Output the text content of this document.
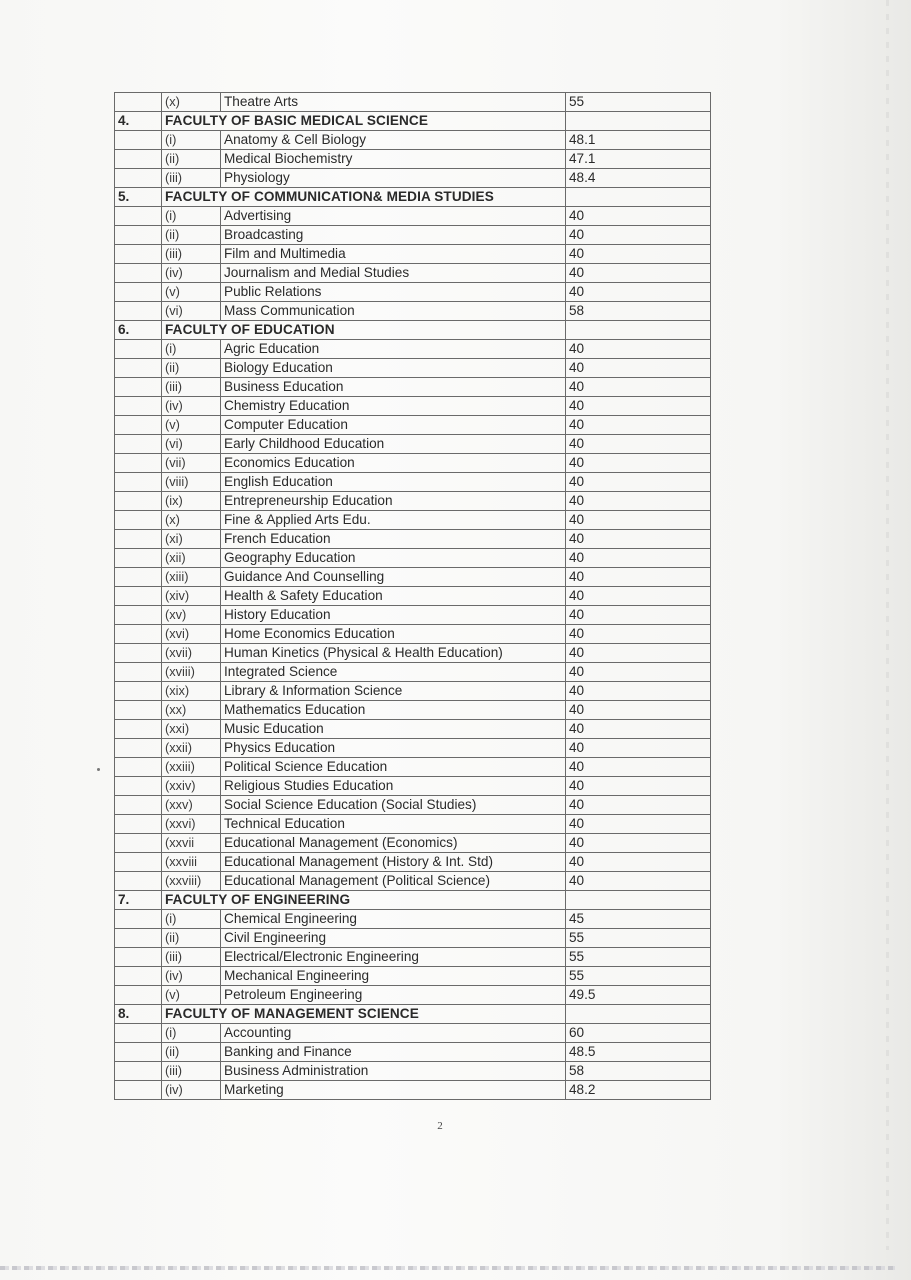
	(x)	Theatre Arts	55
4.	FACULTY OF BASIC MEDICAL SCIENCE		
	(i)	Anatomy & Cell Biology	48.1
	(ii)	Medical Biochemistry	47.1
	(iii)	Physiology	48.4
5.	FACULTY OF COMMUNICATION& MEDIA STUDIES		
	(i)	Advertising	40
	(ii)	Broadcasting	40
	(iii)	Film and Multimedia	40
	(iv)	Journalism and Medial Studies	40
	(v)	Public Relations	40
	(vi)	Mass Communication	58
6.	FACULTY OF EDUCATION		
	(i)	Agric Education	40
	(ii)	Biology Education	40
	(iii)	Business Education	40
	(iv)	Chemistry Education	40
	(v)	Computer Education	40
	(vi)	Early Childhood Education	40
	(vii)	Economics Education	40
	(viii)	English Education	40
	(ix)	Entrepreneurship Education	40
	(x)	Fine & Applied Arts Edu.	40
	(xi)	French Education	40
	(xii)	Geography Education	40
	(xiii)	Guidance And Counselling	40
	(xiv)	Health & Safety Education	40
	(xv)	History Education	40
	(xvi)	Home Economics Education	40
	(xvii)	Human Kinetics (Physical & Health Education)	40
	(xviii)	Integrated Science	40
	(xix)	Library & Information Science	40
	(xx)	Mathematics Education	40
	(xxi)	Music Education	40
	(xxii)	Physics Education	40
	(xxiii)	Political Science Education	40
	(xxiv)	Religious Studies Education	40
	(xxv)	Social Science Education (Social Studies)	40
	(xxvi)	Technical Education	40
	(xxvii	Educational Management (Economics)	40
	(xxviii	Educational Management (History & Int. Std)	40
	(xxviii)	Educational Management (Political Science)	40
7.	FACULTY OF ENGINEERING		
	(i)	Chemical Engineering	45
	(ii)	Civil Engineering	55
	(iii)	Electrical/Electronic Engineering	55
	(iv)	Mechanical Engineering	55
	(v)	Petroleum Engineering	49.5
8.	FACULTY OF MANAGEMENT SCIENCE		
	(i)	Accounting	60
	(ii)	Banking and Finance	48.5
	(iii)	Business Administration	58
	(iv)	Marketing	48.2
2
